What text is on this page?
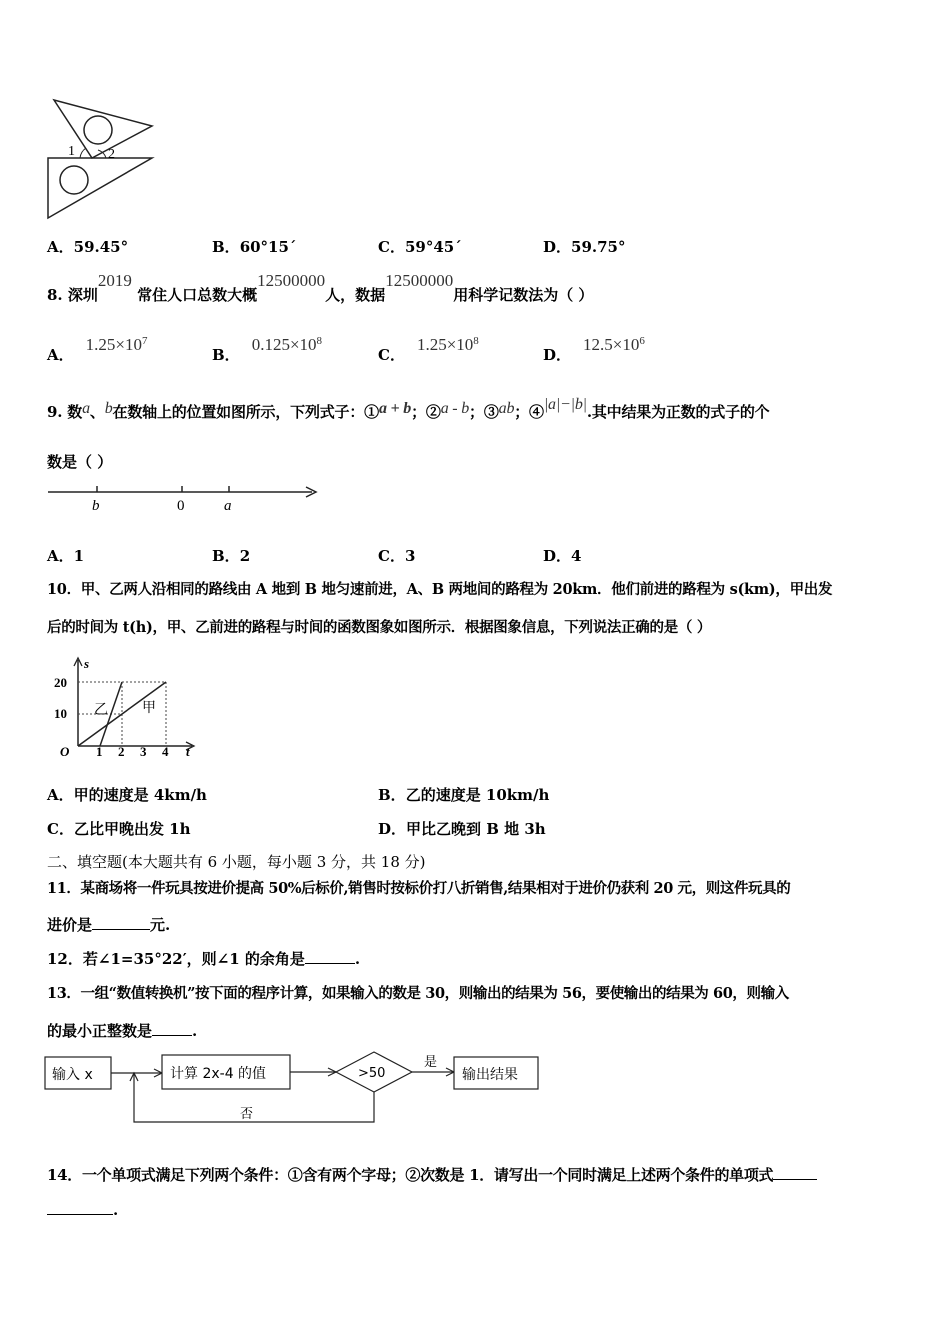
1 2
A．59.45°	B．60°15´	C．59°45´	D．59.75°
8. 深圳2019 常住人口总数大概12500000人，数据12500000用科学记数法为（ ）
A．$1.25\times 10^7$
B．$0.125\times 10^8$
C．$1.25\times 10^8$
D．$12.5\times 10^6$
9. 数a、b在数轴上的位置如图所示，下列式子：①a + b；②a - b；③ab；④|a|−|b|.其中结果为正数的式子的个
数是（ ）
b	0	a
A．1	B．2	C．3	D．4
10．甲、乙两人沿相同的路线由 A 地到 B 地匀速前进，A、B 两地间的路程为 20km．他们前进的路程为 s(km)，甲出发
后的时间为 t(h)，甲、乙前进的路程与时间的函数图象如图所示．根据图象信息，下列说法正确的是（ ）
s
20
10
O 1 2 3 4 t
乙 甲
A．甲的速度是 4km/h	B．乙的速度是 10km/h
C．乙比甲晚出发 1h	D．甲比乙晚到 B 地 3h
二、填空题(本大题共有 6 小题，每小题 3 分，共 18 分)
11．某商场将一件玩具按进价提高 50%后标价,销售时按标价打八折销售,结果相对于进价仍获利 20 元，则这件玩具的
进价是	元.
12．若∠1=35°22′，则∠1 的余角是	.
13．一组“数值转换机”按下面的程序计算，如果输入的数是 30，则输出的结果为 56，要使输出的结果为 60，则输入
的最小正整数是	.
输入 x	计算 2x-4 的值	>50
是
输出结果
否
14．一个单项式满足下列两个条件：①含有两个字母；②次数是 1．请写出一个同时满足上述两个条件的单项式
.
